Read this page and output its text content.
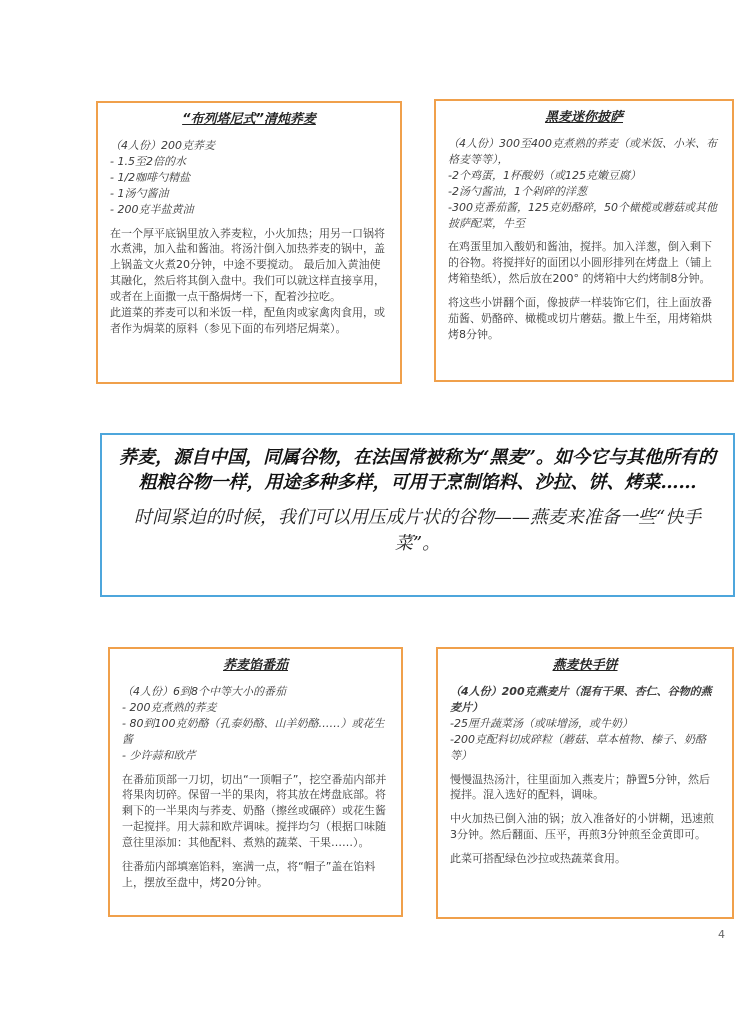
“布列塔尼式”清炖荞麦
（4人份）200克荞麦
- 1.5至2倍的水
- 1/2咖啡勺精盐
- 1汤勺酱油
- 200克半盐黄油
在一个厚平底锅里放入荞麦粒，小火加热；用另一口锅将水煮沸，加入盐和酱油。将汤汁倒入加热荞麦的锅中，盖上锅盖文火煮20分钟，中途不要搅动。 最后加入黄油使其融化，然后将其倒入盘中。我们可以就这样直接享用，或者在上面撒一点干酪焗烤一下，配着沙拉吃。
此道菜的荞麦可以和米饭一样，配鱼肉或家禽肉食用，或者作为焗菜的原料（参见下面的布列塔尼焗菜）。
黑麦迷你披萨
（4人份）300至400克煮熟的荞麦（或米饭、小米、布格麦等等），
-2个鸡蛋，1杯酸奶（或125克嫩豆腐）
-2汤勺酱油，1个剁碎的洋葱
-300克番茄酱，125克奶酪碎，50个橄榄或蘑菇或其他披萨配菜，牛至
在鸡蛋里加入酸奶和酱油，搅拌。加入洋葱，倒入剩下的谷物。将搅拌好的面团以小圆形排列在烤盘上（铺上烤箱垫纸），然后放在200° 的烤箱中大约烤制8分钟。
将这些小饼翻个面，像披萨一样装饰它们，往上面放番茄酱、奶酪碎、橄榄或切片蘑菇。撒上牛至，用烤箱烘烤8分钟。
荞麦，源自中国，同属谷物，在法国常被称为“黑麦”。如今它与其他所有的粗粮谷物一样，用途多种多样，可用于烹制馅料、沙拉、饼、烤菜……
时间紧迫的时候，我们可以用压成片状的谷物——燕麦来准备一些“快手菜”。
荞麦馅番茄
（4人份）6到8个中等大小的番茄
- 200克煮熟的荞麦
- 80到100克奶酪（孔泰奶酪、山羊奶酪……）或花生酱
- 少许蒜和欧芹
在番茄顶部一刀切，切出“一顶帽子”，挖空番茄内部并将果肉切碎。保留一半的果肉，将其放在烤盘底部。将剩下的一半果肉与荞麦、奶酪（擦丝或碾碎）或花生酱一起搅拌。用大蒜和欧芹调味。搅拌均匀（根据口味随意往里添加：其他配料、煮熟的蔬菜、干果……）。
往番茄内部填塞馅料，塞满一点，将“帽子”盖在馅料上，摆放至盘中，烤20分钟。
燕麦快手饼
（4人份）200克燕麦片（混有干果、杏仁、谷物的燕麦片）
-25厘升蔬菜汤（或味增汤，或牛奶）
-200克配料切成碎粒（蘑菇、草本植物、榛子、奶酪等）
慢慢温热汤汁，往里面加入燕麦片；静置5分钟，然后搅拌。混入选好的配料，调味。
中火加热已倒入油的锅；放入准备好的小饼糊，迅速煎3分钟。然后翻面、压平，再煎3分钟煎至金黄即可。
此菜可搭配绿色沙拉或热蔬菜食用。
4
